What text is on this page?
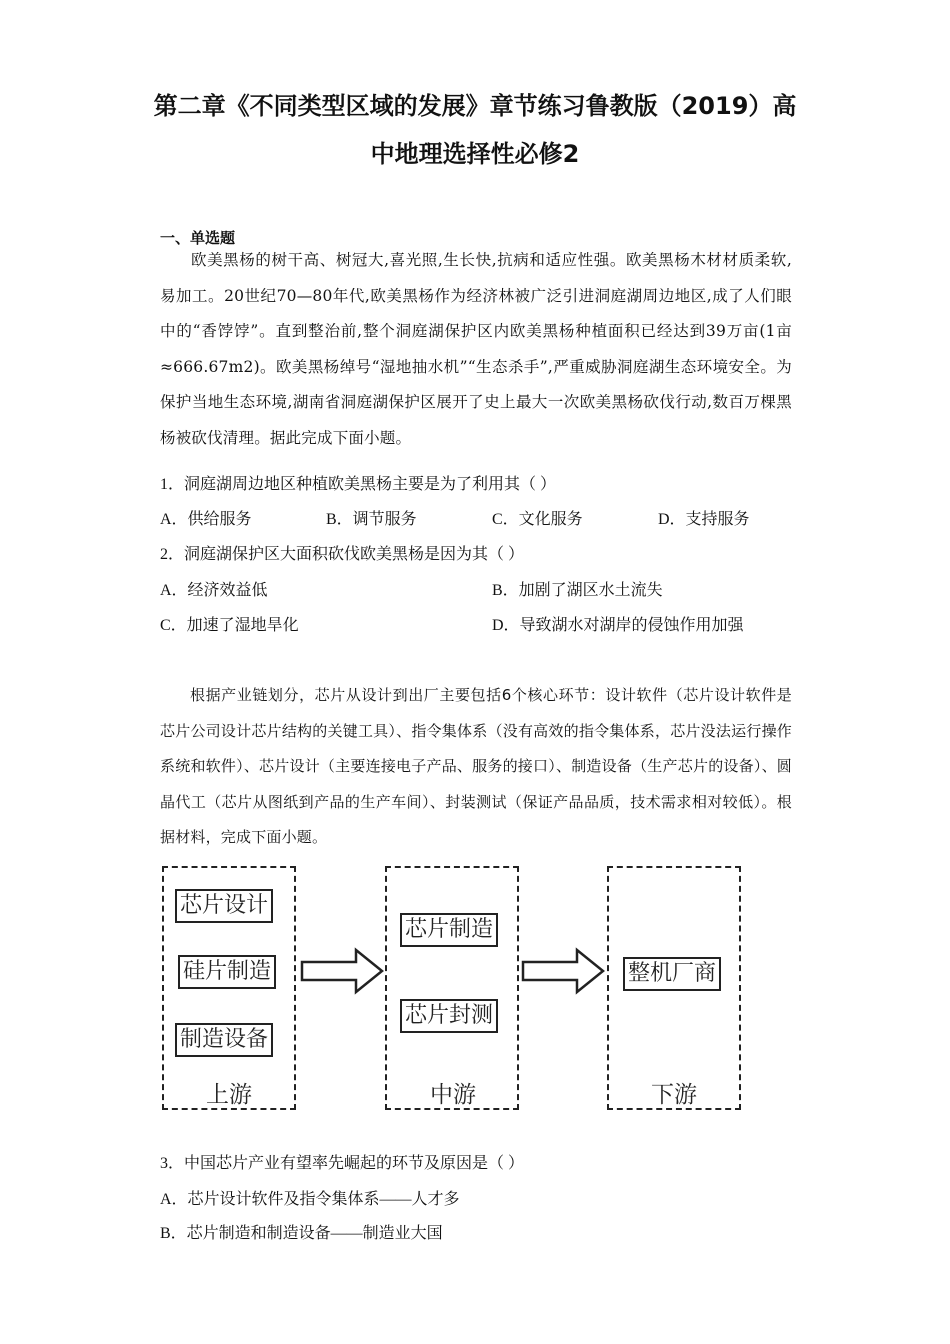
第二章《不同类型区域的发展》章节练习鲁教版（2019）高
中地理选择性必修2
一、单选题

欧美黑杨的树干高、树冠大,喜光照,生长快,抗病和适应性强。欧美黑杨木材材质柔软,易加工。20世纪70—80年代,欧美黑杨作为经济林被广泛引进洞庭湖周边地区,成了人们眼中的“香饽饽”。直到整治前,整个洞庭湖保护区内欧美黑杨种植面积已经达到39万亩(1亩≈666.67m2)。欧美黑杨绰号“湿地抽水机”“生态杀手”,严重威胁洞庭湖生态环境安全。为保护当地生态环境,湖南省洞庭湖保护区展开了史上最大一次欧美黑杨砍伐行动,数百万棵黑杨被砍伐清理。据此完成下面小题。

1．洞庭湖周边地区种植欧美黑杨主要是为了利用其（ ）
A．供给服务	B．调节服务	C．文化服务	D．支持服务
2．洞庭湖保护区大面积砍伐欧美黑杨是因为其（ ）
A．经济效益低	B．加剧了湖区水土流失
C．加速了湿地旱化	D．导致湖水对湖岸的侵蚀作用加强

根据产业链划分，芯片从设计到出厂主要包括6个核心环节：设计软件（芯片设计软件是芯片公司设计芯片结构的关键工具）、指令集体系（没有高效的指令集体系，芯片没法运行操作系统和软件）、芯片设计（主要连接电子产品、服务的接口）、制造设备（生产芯片的设备）、圆晶代工（芯片从图纸到产品的生产车间）、封装测试（保证产品品质，技术需求相对较低）。根据材料，完成下面小题。

芯片设计
硅片制造
制造设备
上游
芯片制造
芯片封测
中游
整机厂商
下游
3．中国芯片产业有望率先崛起的环节及原因是（ ）
A．芯片设计软件及指令集体系——人才多
B．芯片制造和制造设备——制造业大国
